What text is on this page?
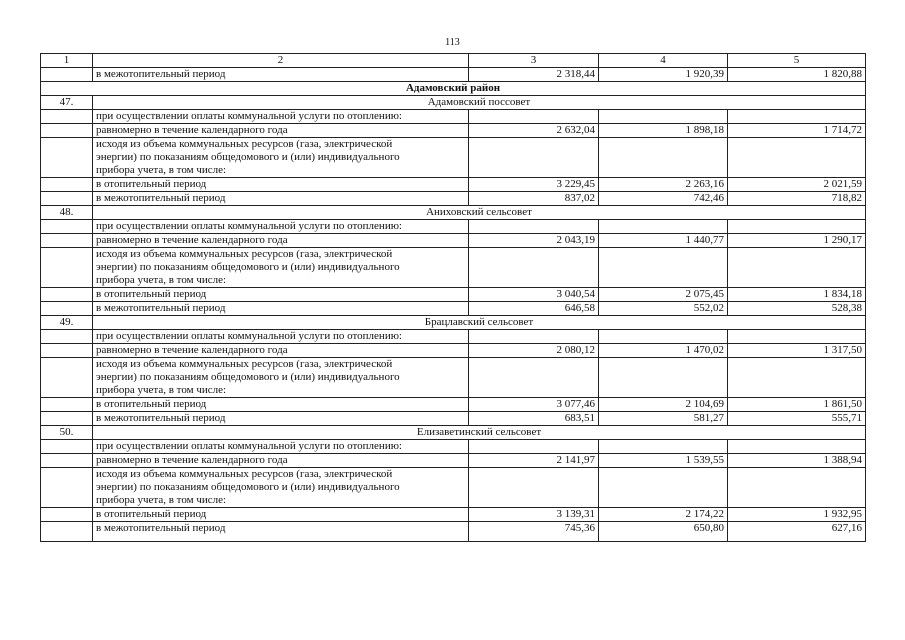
113
1	2	3	4	5
	в межотопительный период	2 318,44	1 920,39	1 820,88
Адамовский район				
47.	Адамовский поссовет			
	при осуществлении оплаты коммунальной услуги по отоплению:			
	равномерно в течение календарного года	2 632,04	1 898,18	1 714,72

	исходя из объема коммунальных ресурсов (газа, электрической
энергии) по показаниям общедомового и (или) индивидуального
прибора учета, в том числе:			

	в отопительный период	3 229,45	2 263,16	2 021,59
	в межотопительный период	837,02	742,46	718,82
48.	Аниховский сельсовет			
	при осуществлении оплаты коммунальной услуги по отоплению:			
	равномерно в течение календарного года	2 043,19	1 440,77	1 290,17

	исходя из объема коммунальных ресурсов (газа, электрической
энергии) по показаниям общедомового и (или) индивидуального
прибора учета, в том числе:			

	в отопительный период	3 040,54	2 075,45	1 834,18
	в межотопительный период	646,58	552,02	528,38
49.	Брацлавский сельсовет			
	при осуществлении оплаты коммунальной услуги по отоплению:			
	равномерно в течение календарного года	2 080,12	1 470,02	1 317,50

	исходя из объема коммунальных ресурсов (газа, электрической
энергии) по показаниям общедомового и (или) индивидуального
прибора учета, в том числе:			

	в отопительный период	3 077,46	2 104,69	1 861,50
	в межотопительный период	683,51	581,27	555,71
50.	Елизаветинский сельсовет			
	при осуществлении оплаты коммунальной услуги по отоплению:			
	равномерно в течение календарного года	2 141,97	1 539,55	1 388,94

	исходя из объема коммунальных ресурсов (газа, электрической
энергии) по показаниям общедомового и (или) индивидуального
прибора учета, в том числе:			

	в отопительный период	3 139,31	2 174,22	1 932,95
	в межотопительный период	745,36	650,80	627,16
